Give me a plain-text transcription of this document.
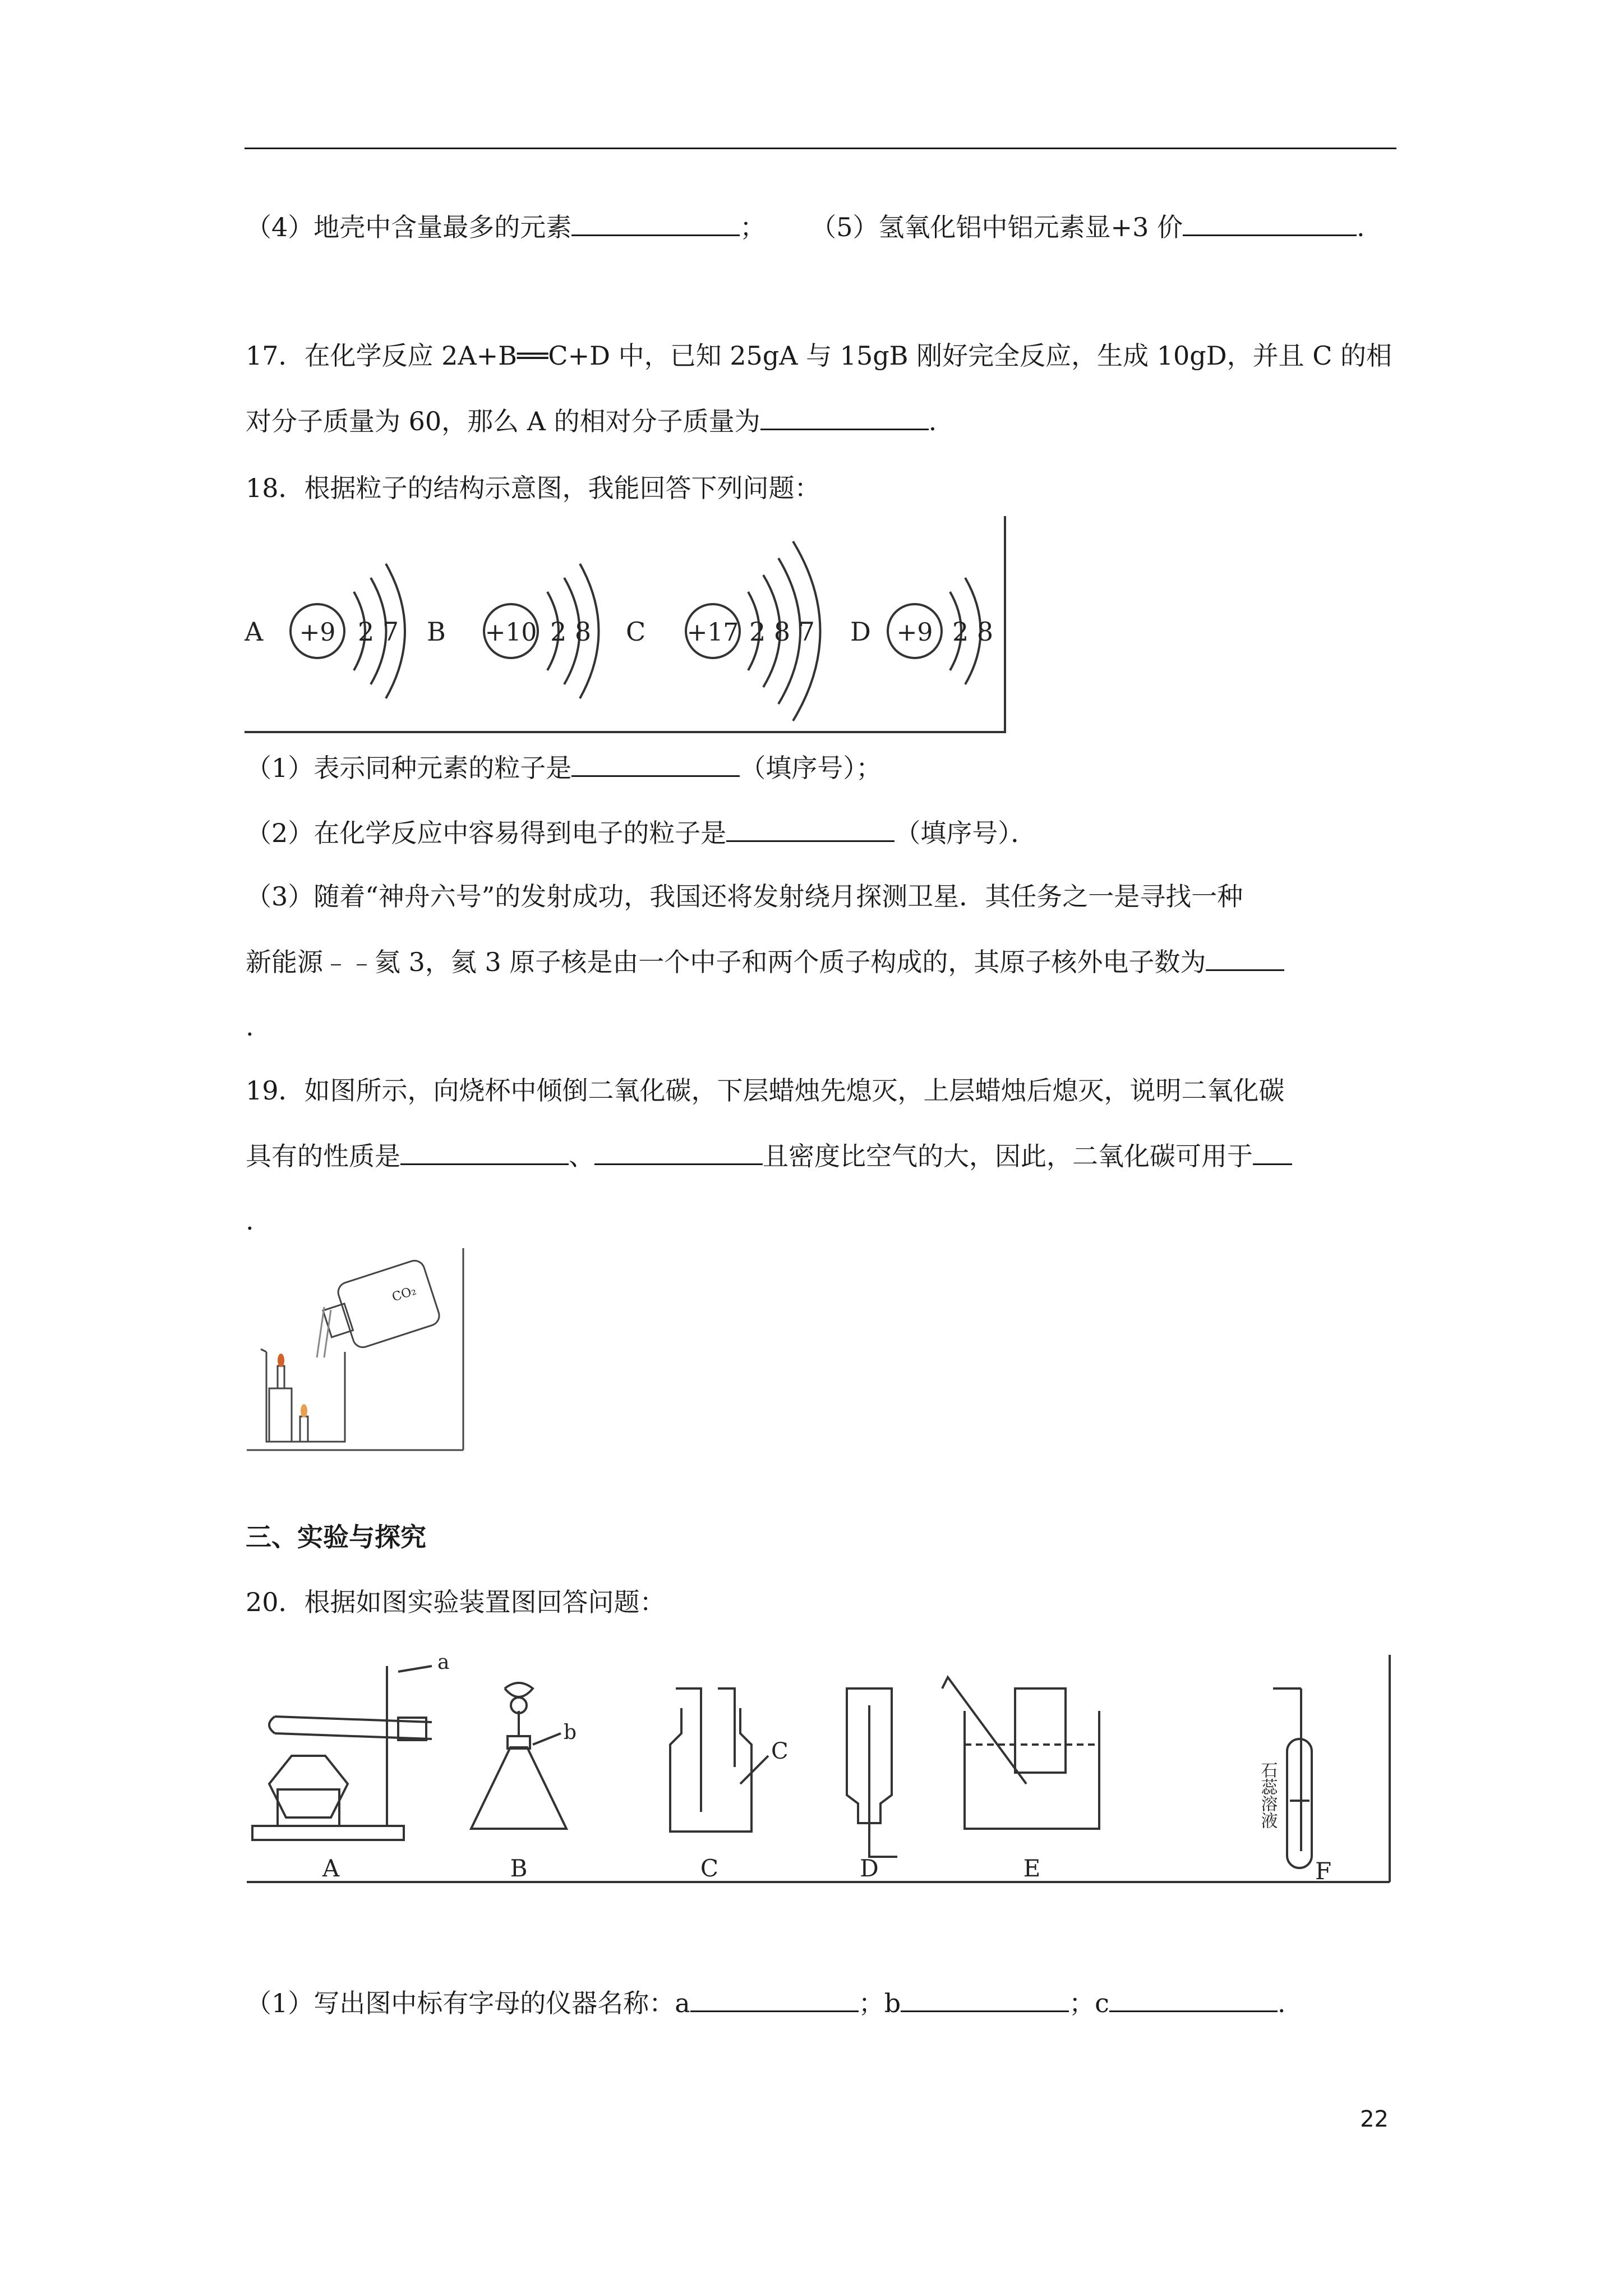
（4）地壳中含量最多的元素	； （5）氢氧化铝中铝元素显+3 价	.
17．在化学反应 2A+B══C+D 中，已知 25gA 与 15gB 刚好完全反应，生成 10gD，并且 C 的相
对分子质量为 60，那么 A 的相对分子质量为	.
18．根据粒子的结构示意图，我能回答下列问题：
A +9 2 7 B +10 2 8 C +17 2 8 7 D +9 2 8
（1）表示同种元素的粒子是	（填序号）；
（2）在化学反应中容易得到电子的粒子是	（填序号）．
（3）随着“神舟六号”的发射成功，我国还将发射绕月探测卫星．其任务之一是寻找一种
新能源﹣﹣氦 3，氦 3 原子核是由一个中子和两个质子构成的，其原子核外电子数为
.
19．如图所示，向烧杯中倾倒二氧化碳，下层蜡烛先熄灭，上层蜡烛后熄灭，说明二氧化碳
具有的性质是	、	且密度比空气的大，因此，二氧化碳可用于
.
CO₂
三、实验与探究
20．根据如图实验装置图回答问题：
A	B	C	D	E	F
a
b
C
石蕊溶液
（1）写出图中标有字母的仪器名称：a	；b	；c	.
22
